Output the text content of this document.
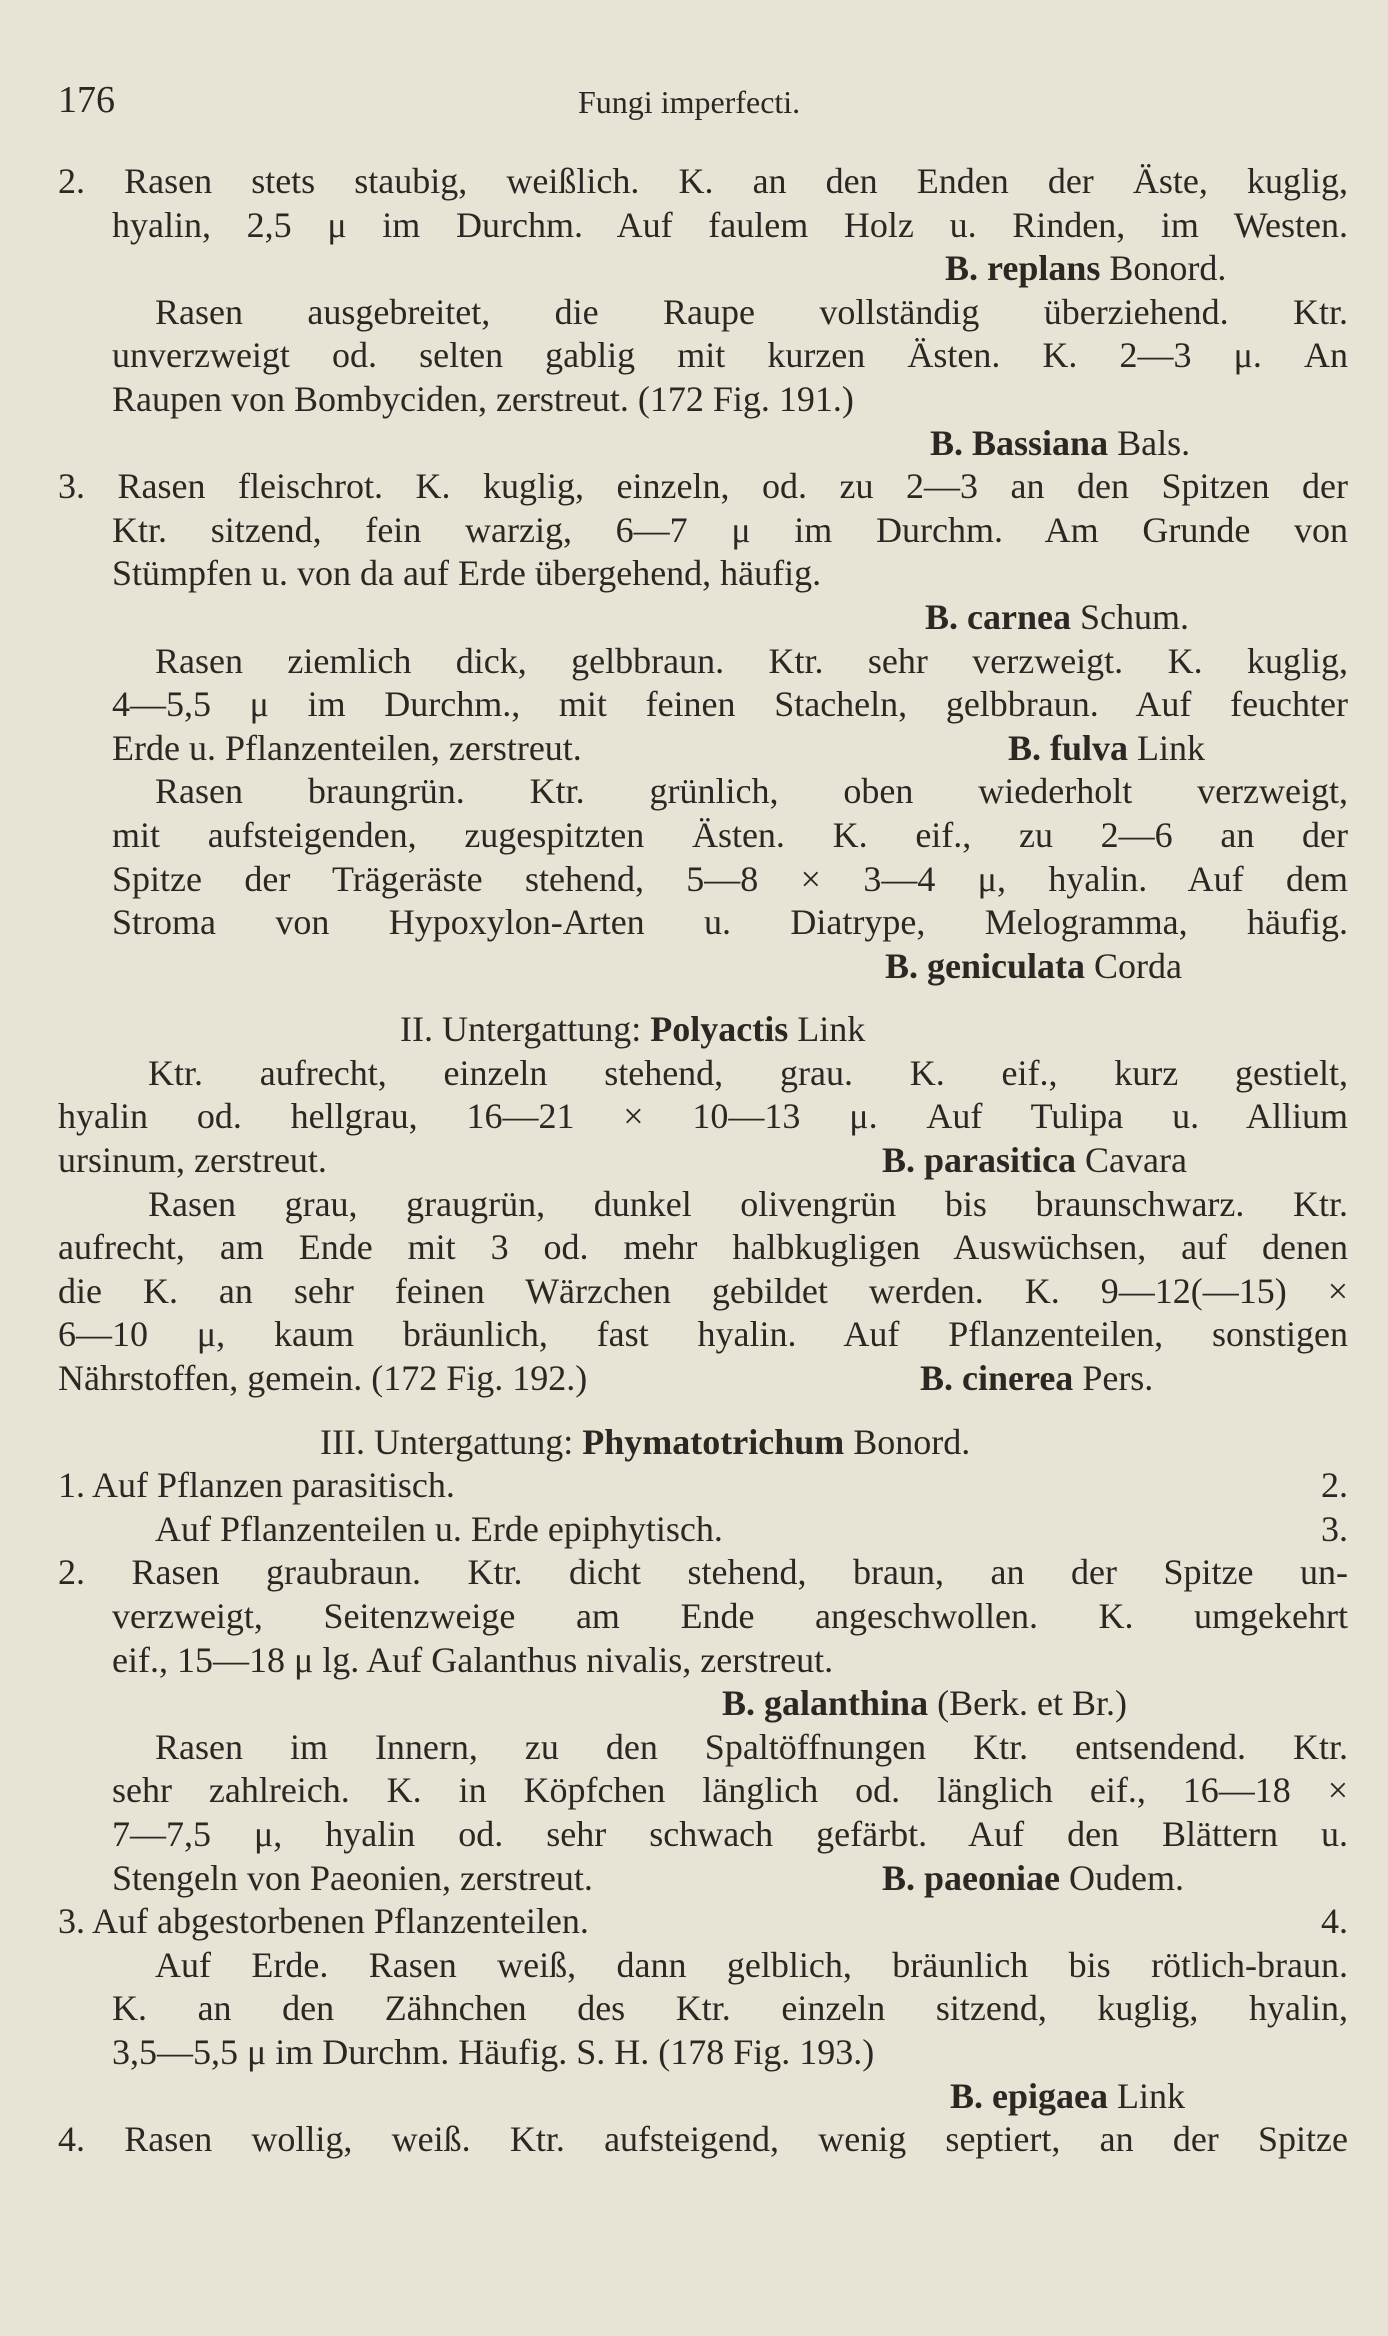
176	Fungi imperfecti.
2. Rasen stets staubig, weißlich. K. an den Enden der Äste, kuglig,
hyalin, 2,5 μ im Durchm. Auf faulem Holz u. Rinden, im Westen.
B. replans Bonord.
Rasen ausgebreitet, die Raupe vollständig überziehend. Ktr.
unverzweigt od. selten gablig mit kurzen Ästen. K. 2—3 μ. An
Raupen von Bombyciden, zerstreut. (172 Fig. 191.)
B. Bassiana Bals.
3. Rasen fleischrot. K. kuglig, einzeln, od. zu 2—3 an den Spitzen der
Ktr. sitzend, fein warzig, 6—7 μ im Durchm. Am Grunde von
Stümpfen u. von da auf Erde übergehend, häufig.
B. carnea Schum.
Rasen ziemlich dick, gelbbraun. Ktr. sehr verzweigt. K. kuglig,
4—5,5 μ im Durchm., mit feinen Stacheln, gelbbraun. Auf feuchter
Erde u. Pflanzenteilen, zerstreut.	B. fulva Link
Rasen braungrün. Ktr. grünlich, oben wiederholt verzweigt,
mit aufsteigenden, zugespitzten Ästen. K. eif., zu 2—6 an der
Spitze der Trägeräste stehend, 5—8 × 3—4 μ, hyalin. Auf dem
Stroma von Hypoxylon-Arten u. Diatrype, Melogramma, häufig.
B. geniculata Corda
II. Untergattung: Polyactis Link
Ktr. aufrecht, einzeln stehend, grau. K. eif., kurz gestielt,
hyalin od. hellgrau, 16—21 × 10—13 μ. Auf Tulipa u. Allium
ursinum, zerstreut.	B. parasitica Cavara
Rasen grau, graugrün, dunkel olivengrün bis braunschwarz. Ktr.
aufrecht, am Ende mit 3 od. mehr halbkugligen Auswüchsen, auf denen
die K. an sehr feinen Wärzchen gebildet werden. K. 9—12(—15) ×
6—10 μ, kaum bräunlich, fast hyalin. Auf Pflanzenteilen, sonstigen
Nährstoffen, gemein. (172 Fig. 192.)	B. cinerea Pers.
III. Untergattung: Phymatotrichum Bonord.
1. Auf Pflanzen parasitisch.	2.
Auf Pflanzenteilen u. Erde epiphytisch.	3.
2. Rasen graubraun. Ktr. dicht stehend, braun, an der Spitze un-
verzweigt, Seitenzweige am Ende angeschwollen. K. umgekehrt
eif., 15—18 μ lg. Auf Galanthus nivalis, zerstreut.
B. galanthina (Berk. et Br.)
Rasen im Innern, zu den Spaltöffnungen Ktr. entsendend. Ktr.
sehr zahlreich. K. in Köpfchen länglich od. länglich eif., 16—18 ×
7—7,5 μ, hyalin od. sehr schwach gefärbt. Auf den Blättern u.
Stengeln von Paeonien, zerstreut.	B. paeoniae Oudem.
3. Auf abgestorbenen Pflanzenteilen.	4.
Auf Erde. Rasen weiß, dann gelblich, bräunlich bis rötlich-braun.
K. an den Zähnchen des Ktr. einzeln sitzend, kuglig, hyalin,
3,5—5,5 μ im Durchm. Häufig. S. H. (178 Fig. 193.)
B. epigaea Link
4. Rasen wollig, weiß. Ktr. aufsteigend, wenig septiert, an der Spitze
